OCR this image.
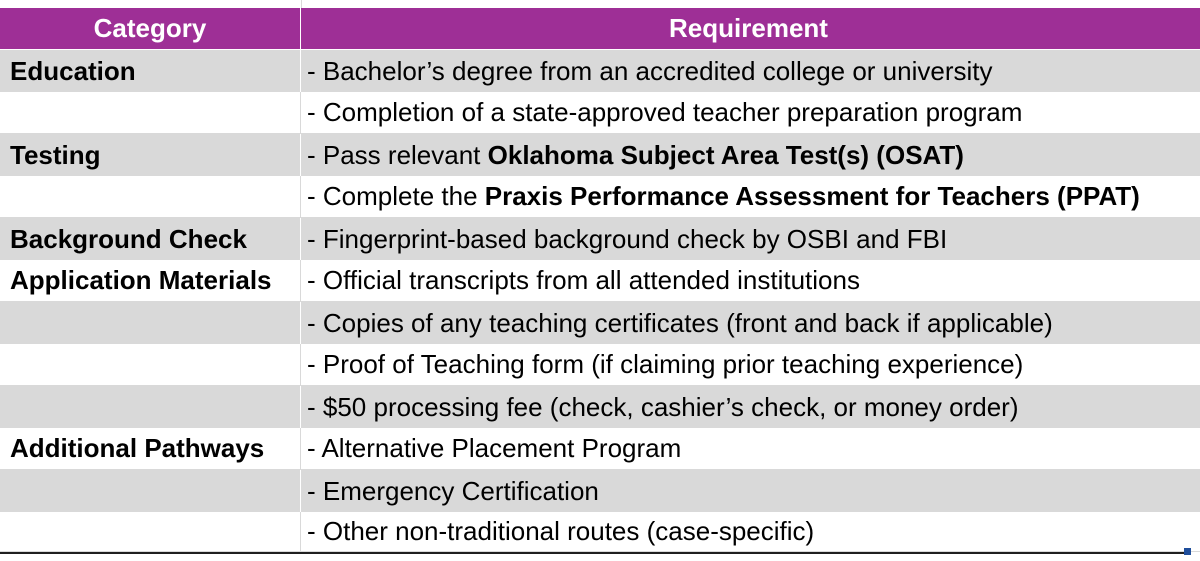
Category	Requirement
Education	- Bachelor’s degree from an accredited college or university
- Completion of a state-approved teacher preparation program
Testing	- Pass relevant Oklahoma Subject Area Test(s) (OSAT)
- Complete the Praxis Performance Assessment for Teachers (PPAT)
Background Check	- Fingerprint-based background check by OSBI and FBI
Application Materials	- Official transcripts from all attended institutions
- Copies of any teaching certificates (front and back if applicable)
- Proof of Teaching form (if claiming prior teaching experience)
- $50 processing fee (check, cashier’s check, or money order)
Additional Pathways	- Alternative Placement Program
- Emergency Certification
- Other non-traditional routes (case-specific)
